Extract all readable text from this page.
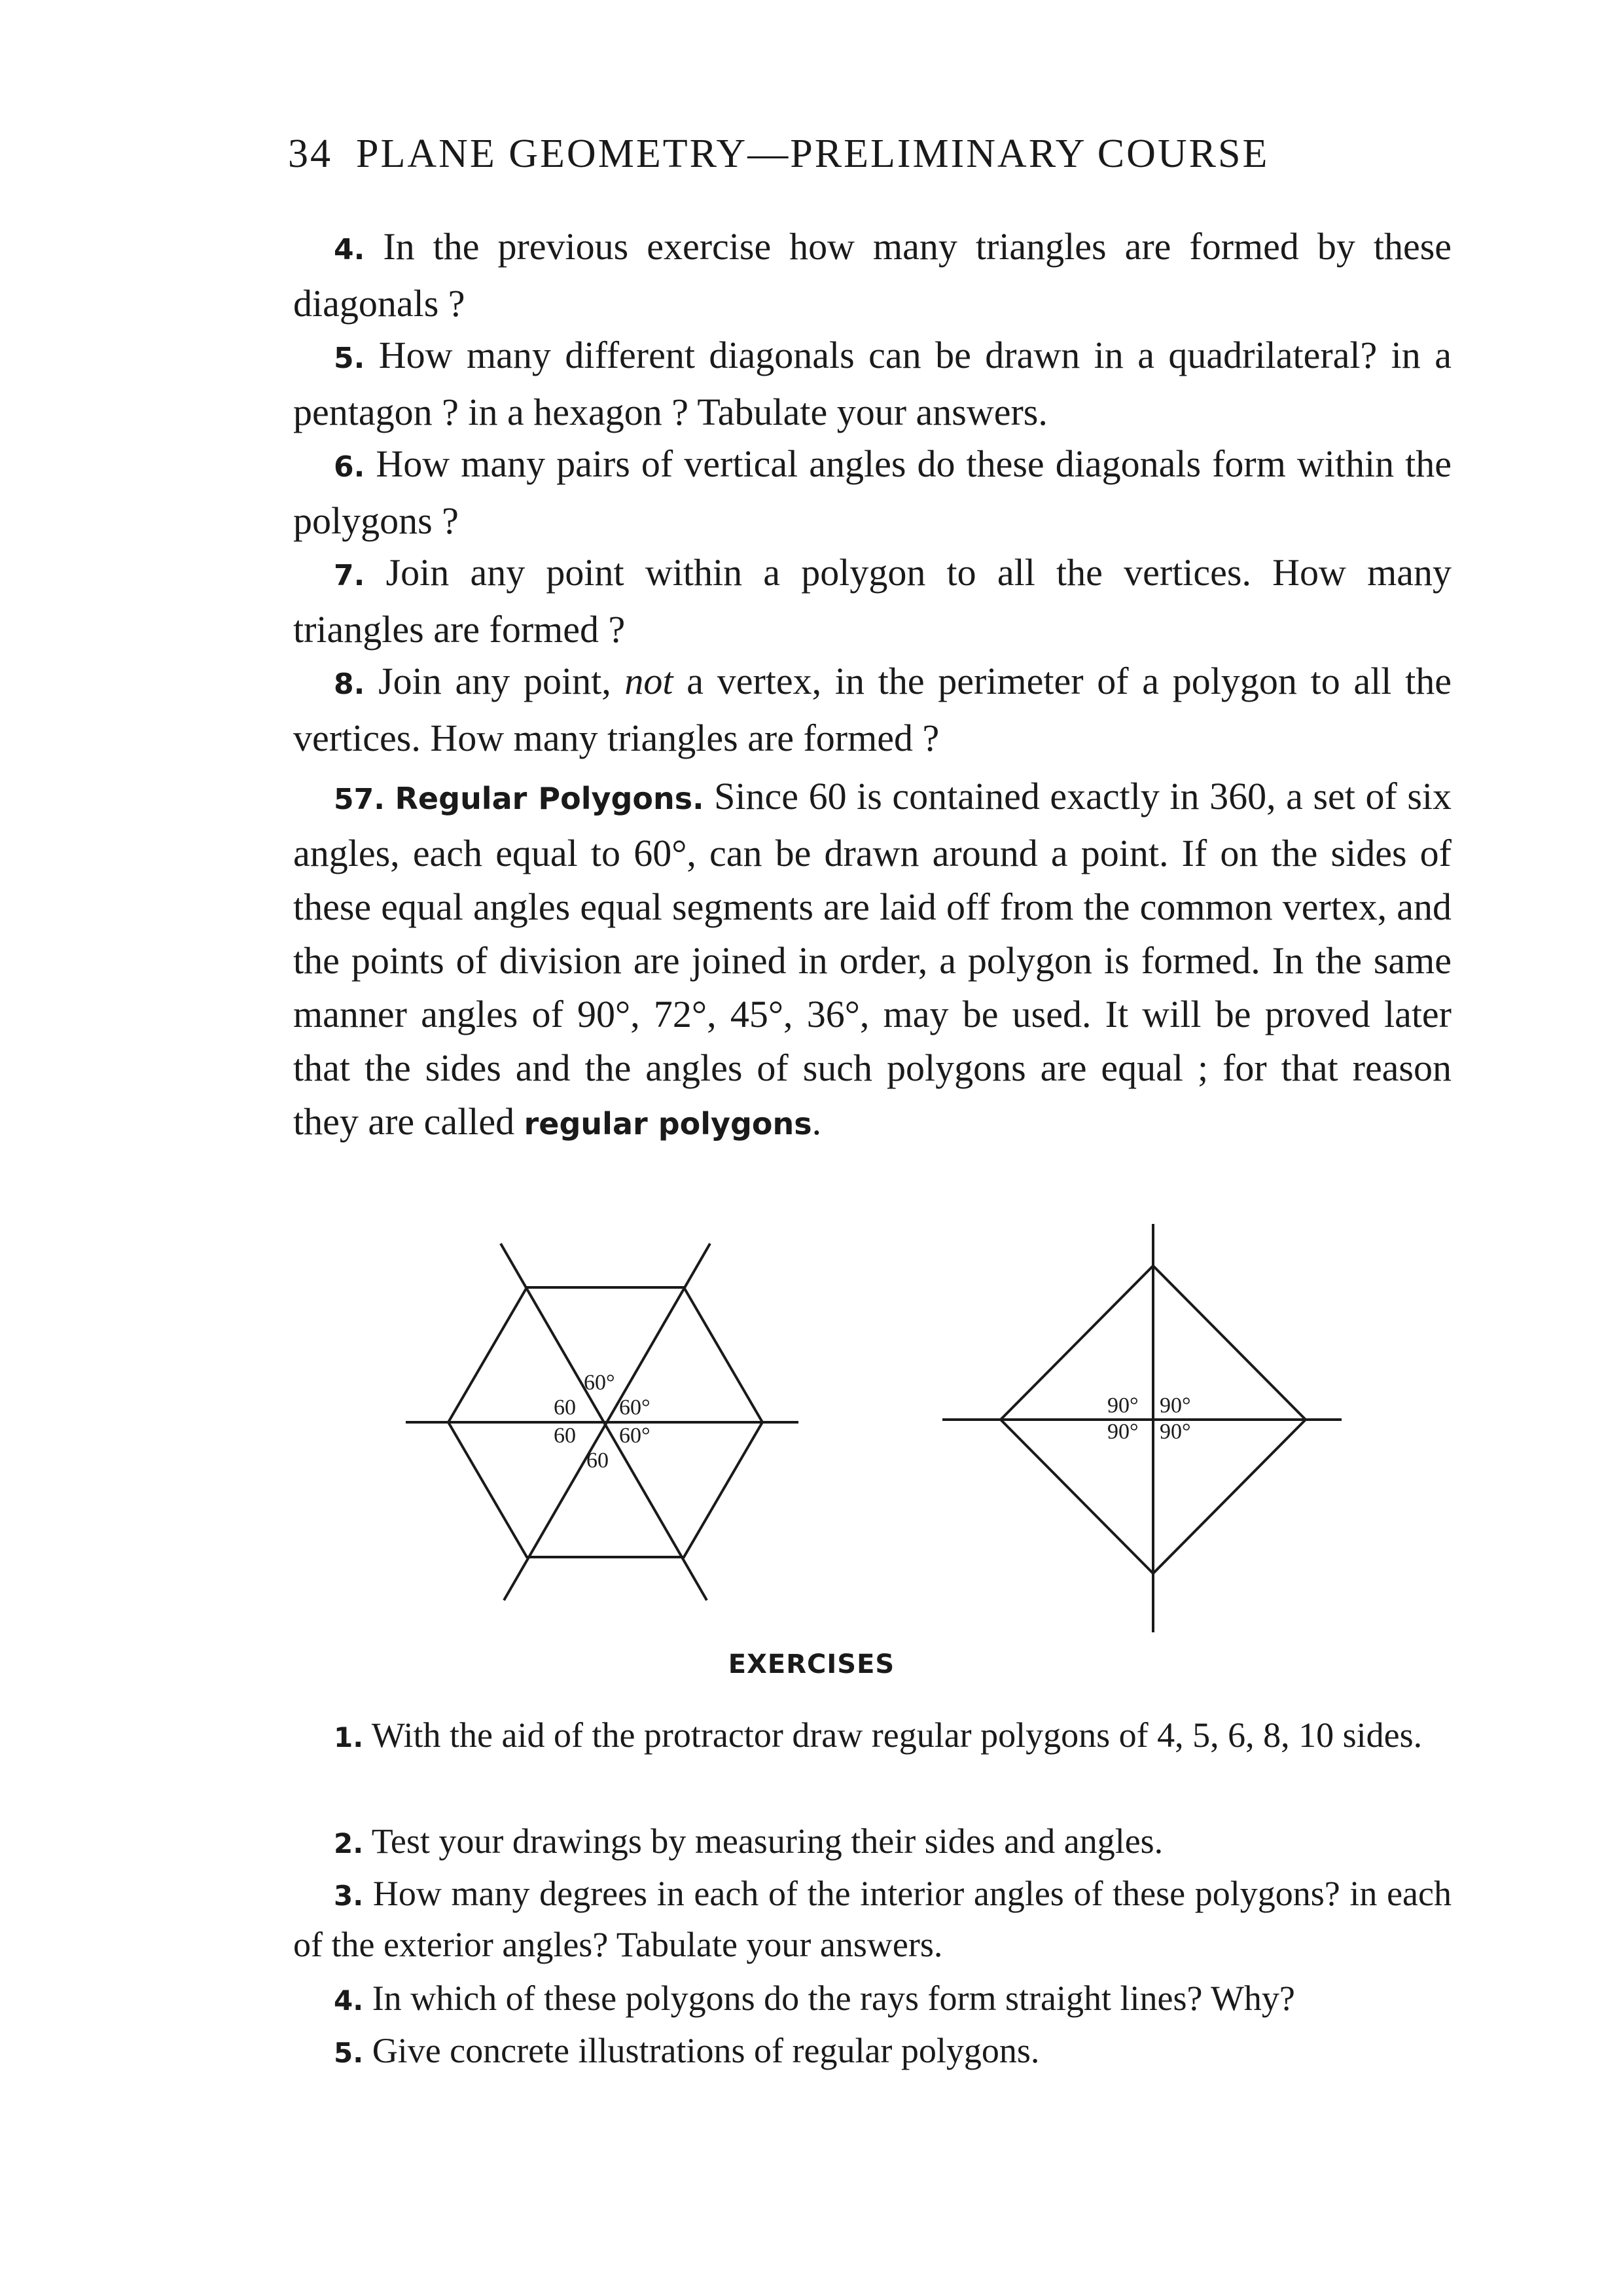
34 PLANE GEOMETRY—PRELIMINARY COURSE

4. In the previous exercise how many triangles are formed by these diagonals ?

5. How many different diagonals can be drawn in a quadrilateral? in a pentagon ? in a hexagon ? Tabulate your answers.

6. How many pairs of vertical angles do these diagonals form within the polygons ?

7. Join any point within a polygon to all the vertices. How many triangles are formed ?

8. Join any point, not a vertex, in the perimeter of a polygon to all the vertices. How many triangles are formed ?

57. Regular Polygons. Since 60 is contained exactly in 360, a set of six angles, each equal to 60°, can be drawn around a point. If on the sides of these equal angles equal segments are laid off from the common vertex, and the points of division are joined in order, a polygon is formed. In the same manner angles of 90°, 72°, 45°, 36°, may be used. It will be proved later that the sides and the angles of such polygons are equal ; for that reason they are called regular polygons.

60°
60 60°
60°
60
60
90° 90°
90° 90°
EXERCISES

1. With the aid of the protractor draw regular polygons of 4, 5, 6, 8, 10 sides.

2. Test your drawings by measuring their sides and angles.

3. How many degrees in each of the interior angles of these polygons? in each of the exterior angles? Tabulate your answers.

4. In which of these polygons do the rays form straight lines? Why?

5. Give concrete illustrations of regular polygons.
